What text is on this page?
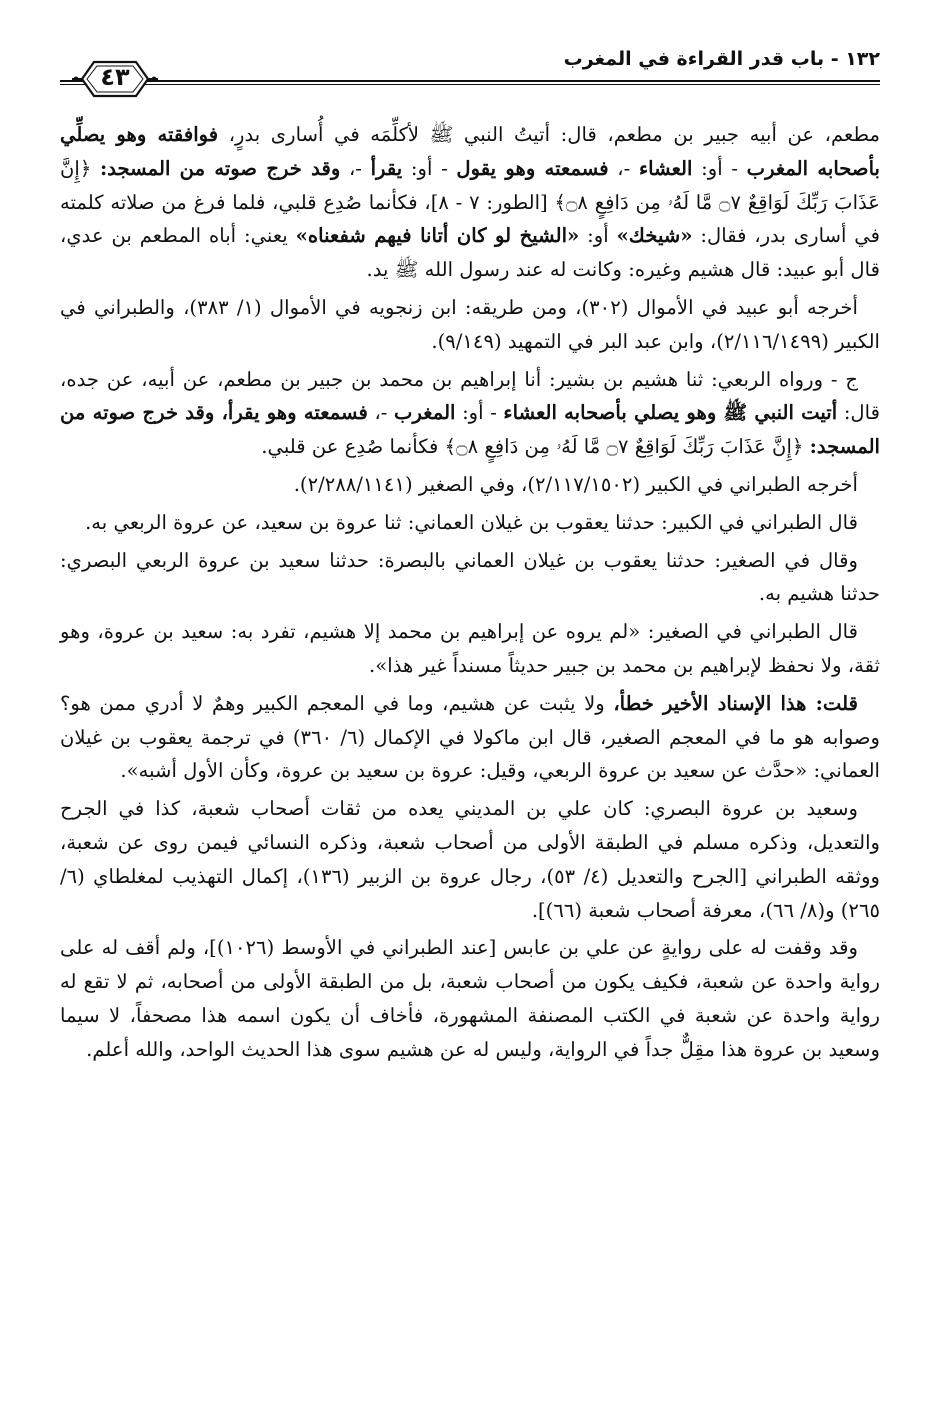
١٣٢ - باب قدر القراءة في المغرب
٤٣

مطعم، عن أبيه جبير بن مطعم، قال: أتيتُ النبي ﷺ لأكلِّمَه في أُسارى بدرٍ، فوافقته وهو يصلِّي بأصحابه المغرب - أو: العشاء -، فسمعته وهو يقول - أو: يقرأ -، وقد خرج صوته من المسجد: ﴿إِنَّ عَذَابَ رَبِّكَ لَوَاقِعٌ ۝٧ مَّا لَهُۥ مِن دَافِعٍ ۝٨﴾ [الطور: ٧ - ٨]، فكأنما صُدِع قلبي، فلما فرغ من صلاته كلمته في أسارى بدر، فقال: «شيخك» أو: «الشيخ لو كان أتانا فيهم شفعناه» يعني: أباه المطعم بن عدي، قال أبو عبيد: قال هشيم وغيره: وكانت له عند رسول الله ﷺ يد.

أخرجه أبو عبيد في الأموال (٣٠٢)، ومن طريقه: ابن زنجويه في الأموال (١/ ٣٨٣)، والطبراني في الكبير (٢/١١٦/١٤٩٩)، وابن عبد البر في التمهيد (٩/١٤٩).

ج - ورواه الربعي: ثنا هشيم بن بشير: أنا إبراهيم بن محمد بن جبير بن مطعم، عن أبيه، عن جده، قال: أتيت النبي ﷺ وهو يصلي بأصحابه العشاء - أو: المغرب -، فسمعته وهو يقرأ، وقد خرج صوته من المسجد: ﴿إِنَّ عَذَابَ رَبِّكَ لَوَاقِعٌ ۝٧ مَّا لَهُۥ مِن دَافِعٍ ۝٨﴾ فكأنما صُدِع عن قلبي.

أخرجه الطبراني في الكبير (٢/١١٧/١٥٠٢)، وفي الصغير (٢/٢٨٨/١١٤١).

قال الطبراني في الكبير: حدثنا يعقوب بن غيلان العماني: ثنا عروة بن سعيد، عن عروة الربعي به.

وقال في الصغير: حدثنا يعقوب بن غيلان العماني بالبصرة: حدثنا سعيد بن عروة الربعي البصري: حدثنا هشيم به.

قال الطبراني في الصغير: «لم يروه عن إبراهيم بن محمد إلا هشيم، تفرد به: سعيد بن عروة، وهو ثقة، ولا نحفظ لإبراهيم بن محمد بن جبير حديثاً مسنداً غير هذا».

قلت: هذا الإسناد الأخير خطأ، ولا يثبت عن هشيم، وما في المعجم الكبير وهمٌ لا أدري ممن هو؟ وصوابه هو ما في المعجم الصغير، قال ابن ماكولا في الإكمال (٦/ ٣٦٠) في ترجمة يعقوب بن غيلان العماني: «حدَّث عن سعيد بن عروة الربعي، وقيل: عروة بن سعيد بن عروة، وكأن الأول أشبه».

وسعيد بن عروة البصري: كان علي بن المديني يعده من ثقات أصحاب شعبة، كذا في الجرح والتعديل، وذكره مسلم في الطبقة الأولى من أصحاب شعبة، وذكره النسائي فيمن روى عن شعبة، ووثقه الطبراني [الجرح والتعديل (٤/ ٥٣)، رجال عروة بن الزبير (١٣٦)، إكمال التهذيب لمغلطاي (٦/ ٢٦٥) و(٨/ ٦٦)، معرفة أصحاب شعبة (٦٦)].

وقد وقفت له على روايةٍ عن علي بن عابس [عند الطبراني في الأوسط (١٠٢٦)]، ولم أقف له على رواية واحدة عن شعبة، فكيف يكون من أصحاب شعبة، بل من الطبقة الأولى من أصحابه، ثم لا تقع له رواية واحدة عن شعبة في الكتب المصنفة المشهورة، فأخاف أن يكون اسمه هذا مصحفاً، لا سيما وسعيد بن عروة هذا مقِلٌّ جداً في الرواية، وليس له عن هشيم سوى هذا الحديث الواحد، والله أعلم.
